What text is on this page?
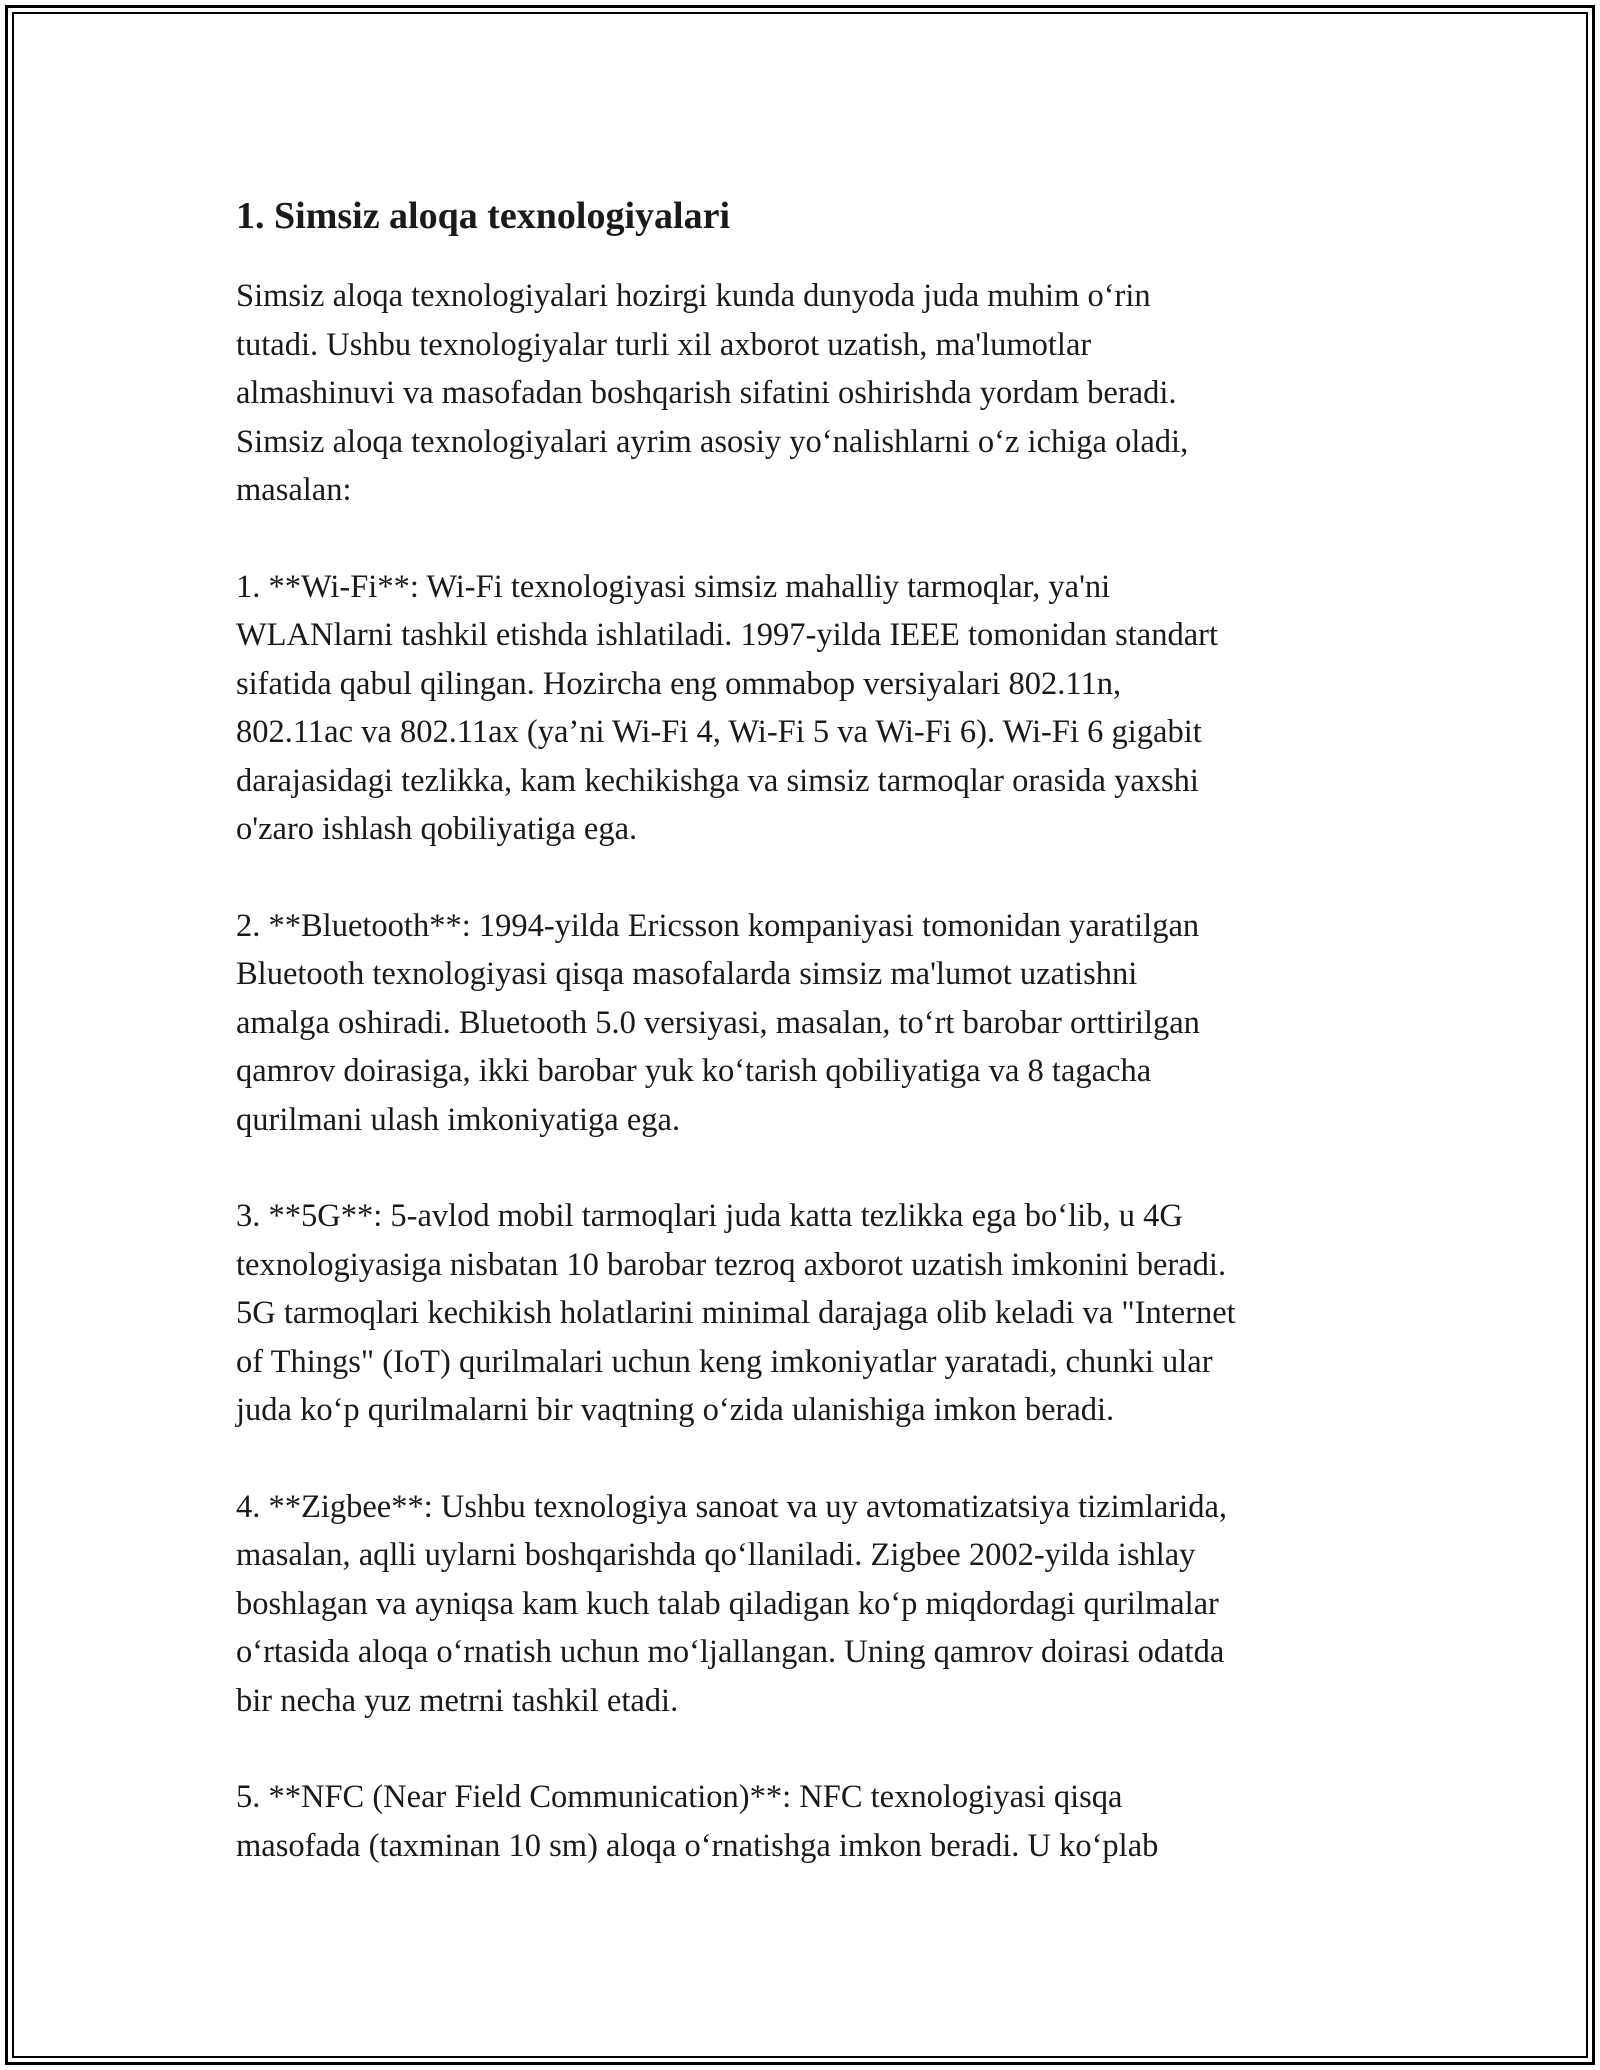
1. Simsiz aloqa texnologiyalari

Simsiz aloqa texnologiyalari hozirgi kunda dunyoda juda muhim o‘rin
tutadi. Ushbu texnologiyalar turli xil axborot uzatish, ma'lumotlar
almashinuvi va masofadan boshqarish sifatini oshirishda yordam beradi.
Simsiz aloqa texnologiyalari ayrim asosiy yo‘nalishlarni o‘z ichiga oladi,
masalan:

1. **Wi-Fi**: Wi-Fi texnologiyasi simsiz mahalliy tarmoqlar, ya'ni
WLANlarni tashkil etishda ishlatiladi. 1997-yilda IEEE tomonidan standart
sifatida qabul qilingan. Hozircha eng ommabop versiyalari 802.11n,
802.11ac va 802.11ax (ya’ni Wi-Fi 4, Wi-Fi 5 va Wi-Fi 6). Wi-Fi 6 gigabit
darajasidagi tezlikka, kam kechikishga va simsiz tarmoqlar orasida yaxshi
o'zaro ishlash qobiliyatiga ega.

2. **Bluetooth**: 1994-yilda Ericsson kompaniyasi tomonidan yaratilgan
Bluetooth texnologiyasi qisqa masofalarda simsiz ma'lumot uzatishni
amalga oshiradi. Bluetooth 5.0 versiyasi, masalan, to‘rt barobar orttirilgan
qamrov doirasiga, ikki barobar yuk ko‘tarish qobiliyatiga va 8 tagacha
qurilmani ulash imkoniyatiga ega.

3. **5G**: 5-avlod mobil tarmoqlari juda katta tezlikka ega bo‘lib, u 4G
texnologiyasiga nisbatan 10 barobar tezroq axborot uzatish imkonini beradi.
5G tarmoqlari kechikish holatlarini minimal darajaga olib keladi va "Internet
of Things" (IoT) qurilmalari uchun keng imkoniyatlar yaratadi, chunki ular
juda ko‘p qurilmalarni bir vaqtning o‘zida ulanishiga imkon beradi.

4. **Zigbee**: Ushbu texnologiya sanoat va uy avtomatizatsiya tizimlarida,
masalan, aqlli uylarni boshqarishda qo‘llaniladi. Zigbee 2002-yilda ishlay
boshlagan va ayniqsa kam kuch talab qiladigan ko‘p miqdordagi qurilmalar
o‘rtasida aloqa o‘rnatish uchun mo‘ljallangan. Uning qamrov doirasi odatda
bir necha yuz metrni tashkil etadi.

5. **NFC (Near Field Communication)**: NFC texnologiyasi qisqa
masofada (taxminan 10 sm) aloqa o‘rnatishga imkon beradi. U ko‘plab
